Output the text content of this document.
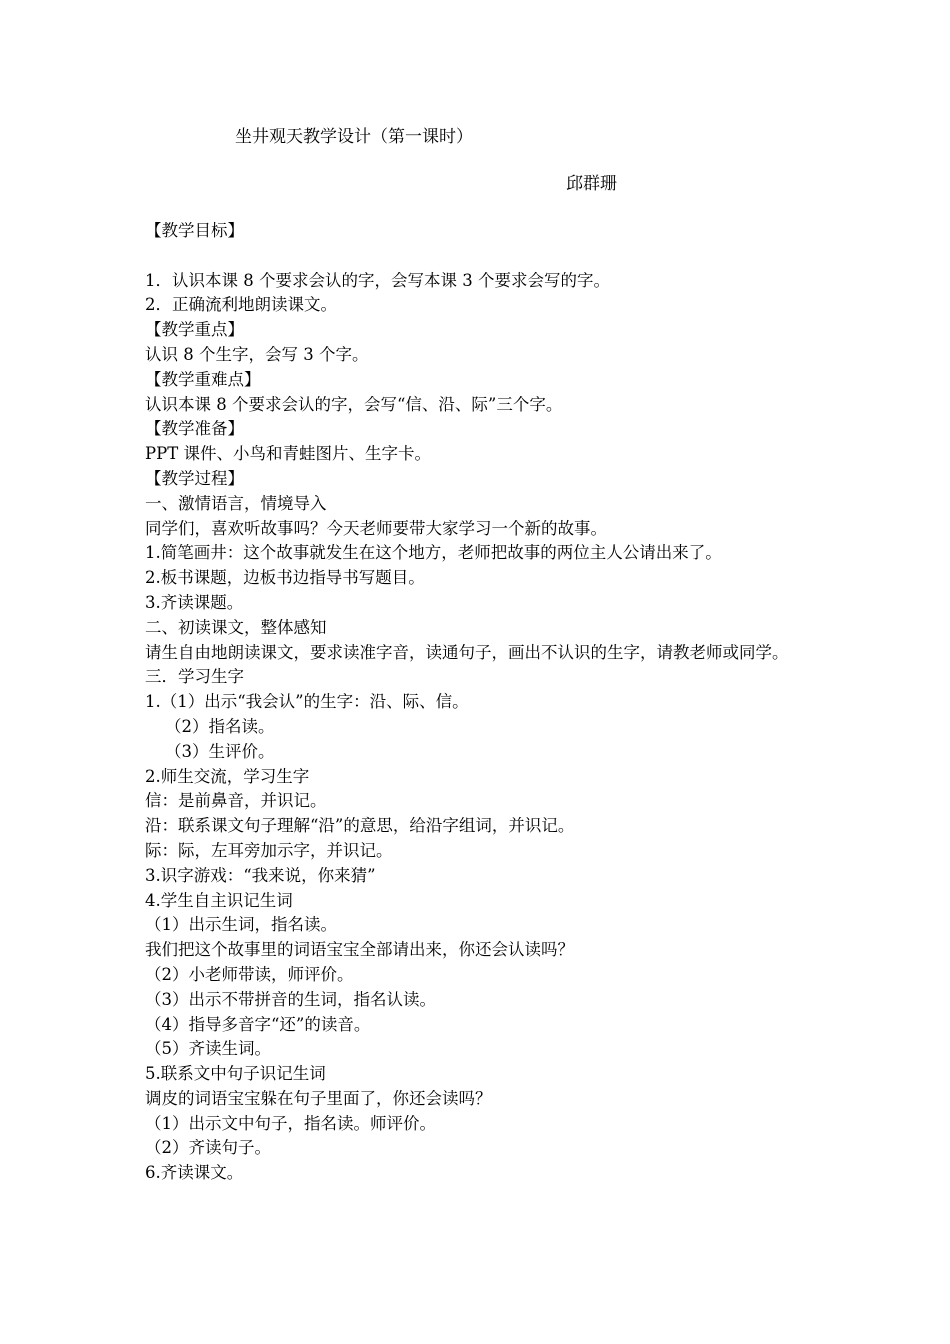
坐井观天教学设计（第一课时）
邱群珊

【教学目标】

1．认识本课 8 个要求会认的字，会写本课 3 个要求会写的字。

2．正确流利地朗读课文。

【教学重点】

认识 8 个生字，会写 3 个字。

【教学重难点】

认识本课 8 个要求会认的字，会写“信、沿、际”三个字。

【教学准备】

PPT 课件、小鸟和青蛙图片、生字卡。

【教学过程】

一、激情语言，情境导入

同学们，喜欢听故事吗？今天老师要带大家学习一个新的故事。

1.简笔画井：这个故事就发生在这个地方，老师把故事的两位主人公请出来了。

2.板书课题，边板书边指导书写题目。

3.齐读课题。

二、初读课文，整体感知

请生自由地朗读课文，要求读准字音，读通句子，画出不认识的生字，请教老师或同学。

三．学习生字

1.（1）出示“我会认”的生字：沿、际、信。

（2）指名读。

（3）生评价。

2.师生交流，学习生字

信：是前鼻音，并识记。

沿：联系课文句子理解“沿”的意思，给沿字组词，并识记。

际：际，左耳旁加示字，并识记。

3.识字游戏：“我来说，你来猜”

4.学生自主识记生词

（1）出示生词，指名读。

我们把这个故事里的词语宝宝全部请出来，你还会认读吗？

（2）小老师带读，师评价。

（3）出示不带拼音的生词，指名认读。

（4）指导多音字“还”的读音。

（5）齐读生词。

5.联系文中句子识记生词

调皮的词语宝宝躲在句子里面了，你还会读吗？

（1）出示文中句子，指名读。师评价。

（2）齐读句子。

6.齐读课文。
